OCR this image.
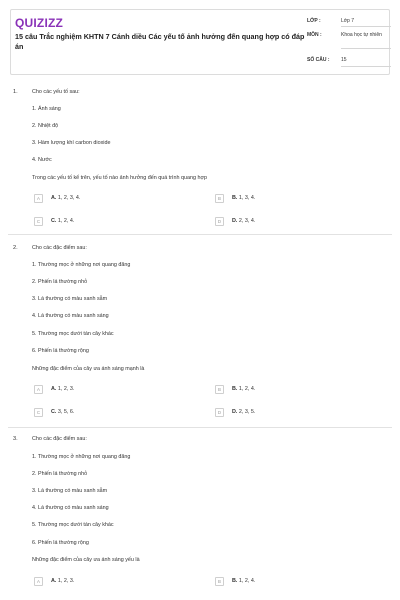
QUIZIZZ
15 câu Trắc nghiệm KHTN 7 Cánh diều Các yếu tố ảnh hưởng đến quang hợp có đáp án
LỚP :	Lớp 7
MÔN :	Khoa học tự nhiên
SỐ CÂU :	15
1.	Cho các yếu tố sau:
1. Ánh sáng
2. Nhiệt độ
3. Hàm lượng khí carbon dioxide
4. Nước
Trong các yếu tố kể trên, yếu tố nào ảnh hưởng đến quá trình quang hợp
A	A. 1, 2, 3, 4.	B	B. 1, 3, 4.
C	C. 1, 2, 4.	D	D. 2, 3, 4.
2.	Cho các đặc điểm sau:
1. Thường mọc ở những nơi quang đãng
2. Phiến lá thường nhỏ
3. Lá thường có màu xanh sẫm
4. Lá thường có màu xanh sáng
5. Thường mọc dưới tán cây khác
6. Phiến lá thường rộng
Những đặc điểm của cây ưa ánh sáng mạnh là
A	A. 1, 2, 3.	B	B. 1, 2, 4.
C	C. 3, 5, 6.	D	D. 2, 3, 5.
3.	Cho các đặc điểm sau:
1. Thường mọc ở những nơi quang đãng
2. Phiến lá thường nhỏ
3. Lá thường có màu xanh sẫm
4. Lá thường có màu xanh sáng
5. Thường mọc dưới tán cây khác
6. Phiến lá thường rộng
Những đặc điểm của cây ưa ánh sáng yếu là
A	A. 1, 2, 3.	B	B. 1, 2, 4.
